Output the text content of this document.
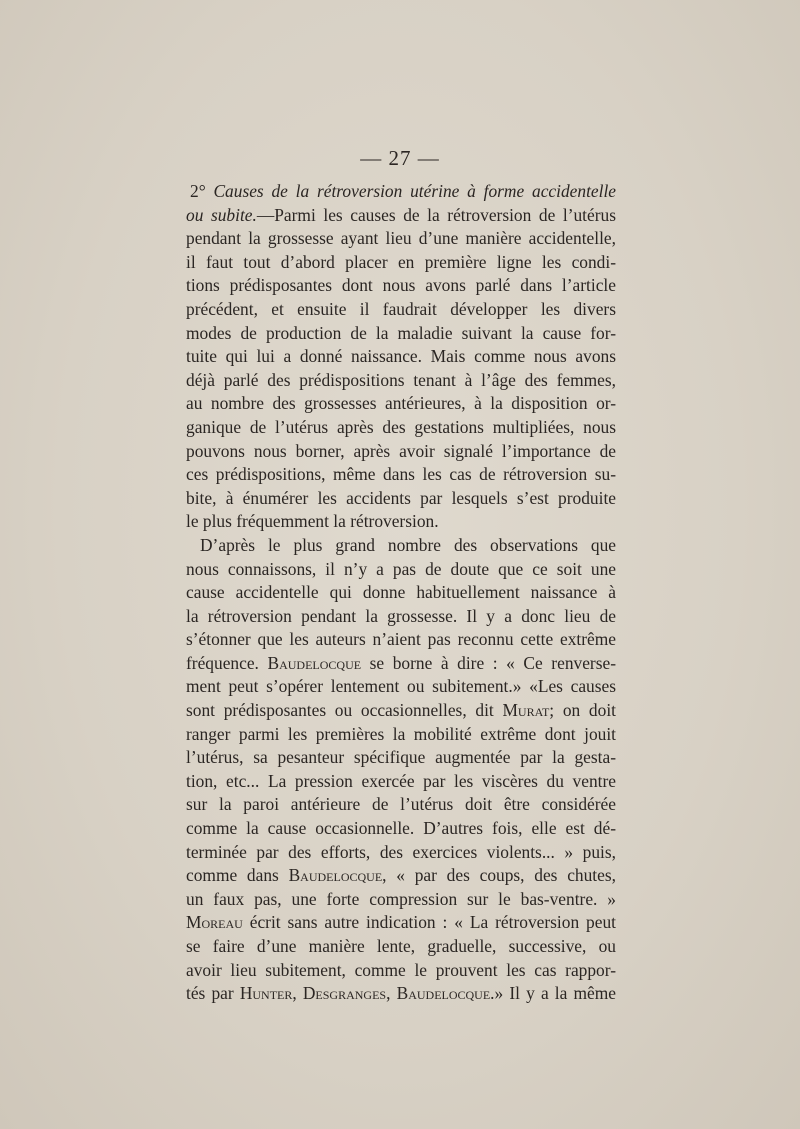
— 27 —
2° Causes de la rétroversion utérine à forme accidentelle
ou subite.—Parmi les causes de la rétroversion de l’utérus
pendant la grossesse ayant lieu d’une manière accidentelle,
il faut tout d’abord placer en première ligne les condi-
tions prédisposantes dont nous avons parlé dans l’article
précédent, et ensuite il faudrait développer les divers
modes de production de la maladie suivant la cause for-
tuite qui lui a donné naissance. Mais comme nous avons
déjà parlé des prédispositions tenant à l’âge des femmes,
au nombre des grossesses antérieures, à la disposition or-
ganique de l’utérus après des gestations multipliées, nous
pouvons nous borner, après avoir signalé l’importance de
ces prédispositions, même dans les cas de rétroversion su-
bite, à énumérer les accidents par lesquels s’est produite
le plus fréquemment la rétroversion.
D’après le plus grand nombre des observations que
nous connaissons, il n’y a pas de doute que ce soit une
cause accidentelle qui donne habituellement naissance à
la rétroversion pendant la grossesse. Il y a donc lieu de
s’étonner que les auteurs n’aient pas reconnu cette extrême
fréquence. Baudelocque se borne à dire : « Ce renverse-
ment peut s’opérer lentement ou subitement.» «Les causes
sont prédisposantes ou occasionnelles, dit Murat; on doit
ranger parmi les premières la mobilité extrême dont jouit
l’utérus, sa pesanteur spécifique augmentée par la gesta-
tion, etc... La pression exercée par les viscères du ventre
sur la paroi antérieure de l’utérus doit être considérée
comme la cause occasionnelle. D’autres fois, elle est dé-
terminée par des efforts, des exercices violents... » puis,
comme dans Baudelocque, « par des coups, des chutes,
un faux pas, une forte compression sur le bas-ventre. »
Moreau écrit sans autre indication : « La rétroversion peut
se faire d’une manière lente, graduelle, successive, ou
avoir lieu subitement, comme le prouvent les cas rappor-
tés par Hunter, Desgranges, Baudelocque.» Il y a la même
